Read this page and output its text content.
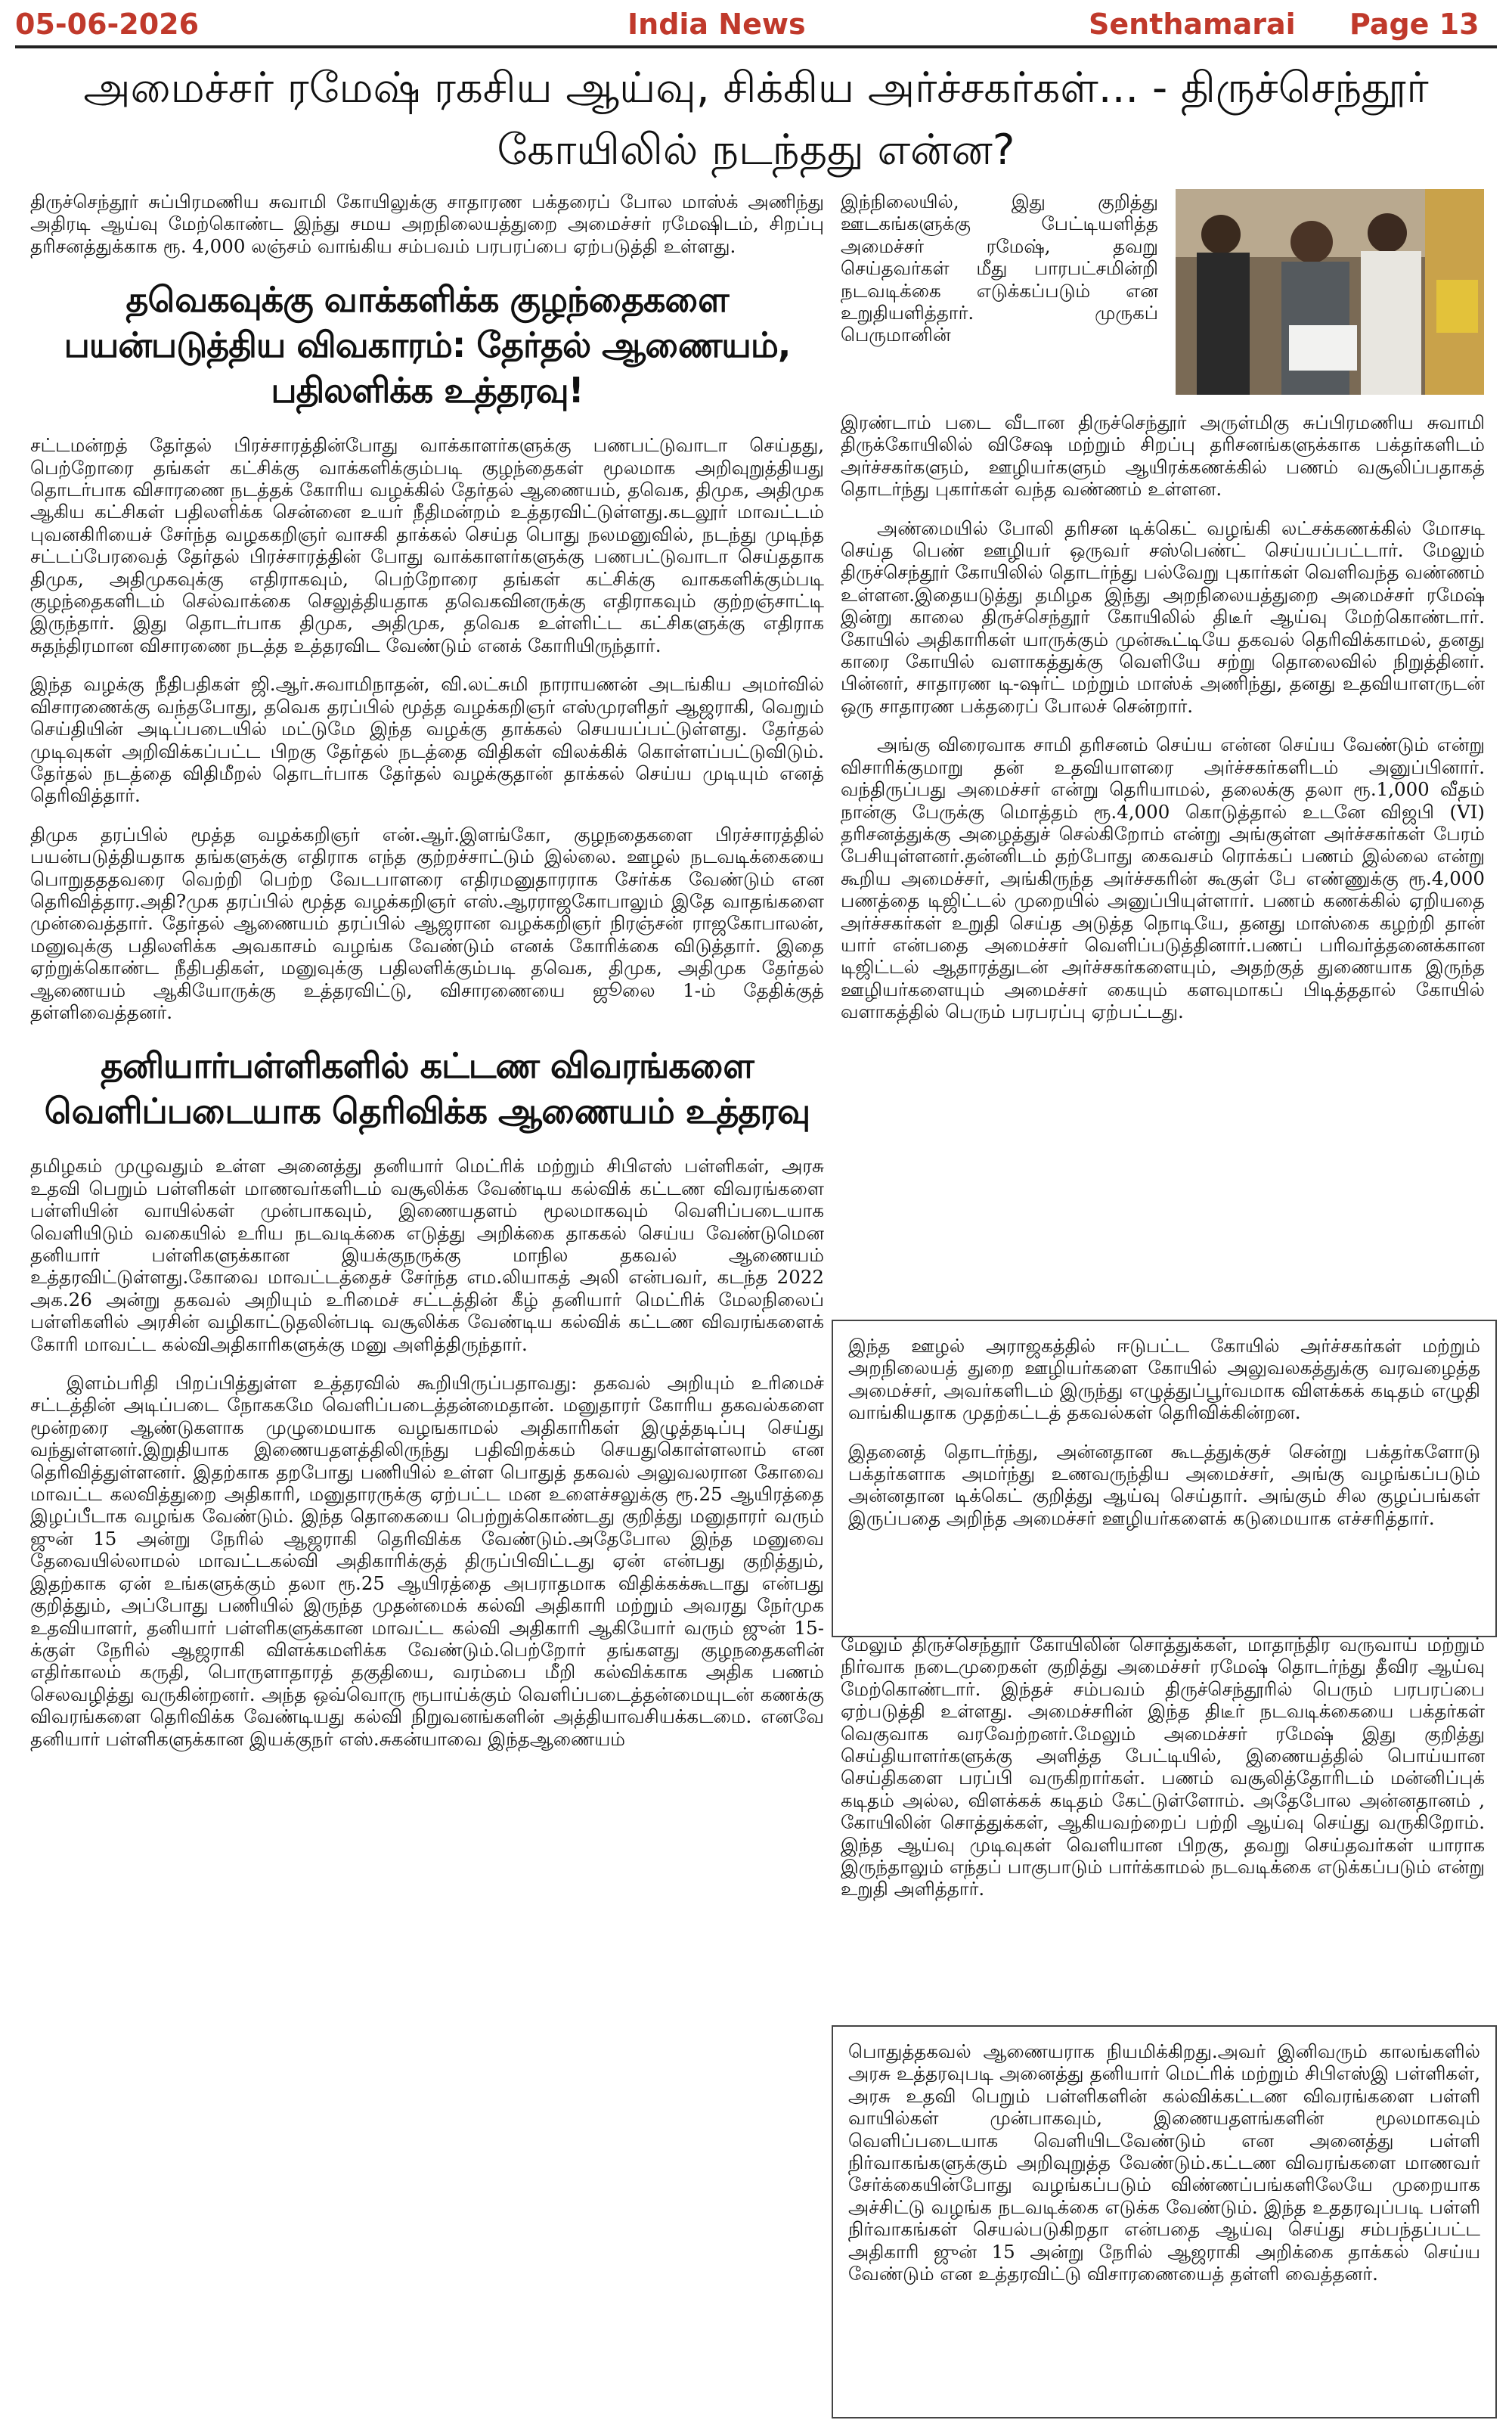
05-06-2026	India News	Senthamarai Page 13
அமைச்சர் ரமேஷ் ரகசிய ஆய்வு, சிக்கிய அர்ச்சகர்கள்... - திருச்செந்தூர் கோயிலில் நடந்தது என்ன?

திருச்செந்தூர் சுப்பிரமணிய சுவாமி கோயிலுக்கு சாதாரண பக்தரைப் போல மாஸ்க் அணிந்து அதிரடி ஆய்வு மேற்கொண்ட இந்து சமய அறநிலையத்துறை அமைச்சர் ரமேஷிடம், சிறப்பு தரிசனத்துக்காக ரூ. 4,000 லஞ்சம் வாங்கிய சம்பவம் பரபரப்பை ஏற்படுத்தி உள்ளது.

தவெகவுக்கு வாக்களிக்க குழந்தைகளை பயன்படுத்திய விவகாரம்: தேர்தல் ஆணையம், பதிலளிக்க உத்தரவு!

சட்டமன்றத் தேர்தல் பிரச்சாரத்தின்போது வாக்காளர்களுக்கு பணபட்டுவாடா செய்தது, பெற்றோரை தங்கள் கட்சிக்கு வாக்களிக்கும்படி குழந்தைகள் மூலமாக அறிவுறுத்தியது தொடர்பாக விசாரணை நடத்தக் கோரிய வழக்கில் தேர்தல் ஆணையம், தவெக, திமுக, அதிமுக ஆகிய கட்சிகள் பதிலளிக்க சென்னை உயர் நீதிமன்றம் உத்தரவிட்டுள்ளது.கடலூர் மாவட்டம் புவனகிரியைச் சேர்ந்த வழககறிஞர் வாசகி தாக்கல் செய்த பொது நலமனுவில், நடந்து முடிந்த சட்டப்பேரவைத் தேர்தல் பிரச்சாரத்தின் போது வாக்காளர்களுக்கு பணபட்டுவாடா செய்ததாக திமுக, அதிமுகவுக்கு எதிராகவும், பெற்றோரை தங்கள் கட்சிக்கு வாககளிக்கும்படி குழந்தைகளிடம் செல்வாக்கை செலுத்தியதாக தவெகவினருக்கு எதிராகவும் குற்றஞ்சாட்டி இருந்தார். இது தொடர்பாக திமுக, அதிமுக, தவெக உள்ளிட்ட கட்சிகளுக்கு எதிராக சுதந்திரமான விசாரணை நடத்த உத்தரவிட வேண்டும் எனக் கோரியிருந்தார்.

இந்த வழக்கு நீதிபதிகள் ஜி.ஆர்.சுவாமிநாதன், வி.லட்சுமி நாராயணன் அடங்கிய அமர்வில் விசாரணைக்கு வந்தபோது, தவெக தரப்பில் மூத்த வழக்கறிஞர் எஸ்முரளிதர் ஆஜராகி, வெறும் செய்தியின் அடிப்படையில் மட்டுமே இந்த வழக்கு தாக்கல் செயயப்பட்டுள்ளது. தேர்தல் முடிவுகள் அறிவிக்கப்பட்ட பிறகு தேர்தல் நடத்தை விதிகள் விலக்கிக் கொள்ளப்பட்டுவிடும். தேர்தல் நடத்தை விதிமீறல் தொடர்பாக தேர்தல் வழக்குதான் தாக்கல் செய்ய முடியும் எனத் தெரிவித்தார்.

திமுக தரப்பில் மூத்த வழக்கறிஞர் என்.ஆர்.இளங்கோ, குழநதைகளை பிரச்சாரத்தில் பயன்படுத்தியதாக தங்களுக்கு எதிராக எந்த குற்றச்சாட்டும் இல்லை. ஊழல் நடவடிக்கையை பொறுதததவரை வெற்றி பெற்ற வேடபாளரை எதிரமனுதாரராக சேர்க்க வேண்டும் என தெரிவித்தார.அதி?முக தரப்பில் மூத்த வழக்கறிஞர் எஸ்.ஆரராஜகோபாலும் இதே வாதங்களை முன்வைத்தார். தேர்தல் ஆணையம் தரப்பில் ஆஜரான வழக்கறிஞர் நிரஞ்சன் ராஜகோபாலன், மனுவுக்கு பதிலளிக்க அவகாசம் வழங்க வேண்டும் எனக் கோரிக்கை விடுத்தார். இதை ஏற்றுக்கொண்ட நீதிபதிகள், மனுவுக்கு பதிலளிக்கும்படி தவெக, திமுக, அதிமுக தேர்தல் ஆணையம் ஆகியோருக்கு உத்தரவிட்டு, விசாரணையை ஜூலை 1-ம் தேதிக்குத் தள்ளிவைத்தனர்.

தனியார்பள்ளிகளில் கட்டண விவரங்களை வெளிப்படையாக தெரிவிக்க ஆணையம் உத்தரவு

தமிழகம் முழுவதும் உள்ள அனைத்து தனியார் மெட்ரிக் மற்றும் சிபிஎஸ் பள்ளிகள், அரசு உதவி பெறும் பள்ளிகள் மாணவர்களிடம் வசூலிக்க வேண்டிய கல்விக் கட்டண விவரங்களை பள்ளியின் வாயில்கள் முன்பாகவும், இணையதளம் மூலமாகவும் வெளிப்படையாக வெளியிடும் வகையில் உரிய நடவடிக்கை எடுத்து அறிக்கை தாககல் செய்ய வேண்டுமென தனியார் பள்ளிகளுக்கான இயக்குநருக்கு மாநில தகவல் ஆணையம் உத்தரவிட்டுள்ளது.கோவை மாவட்டத்தைச் சேர்ந்த எம.லியாகத் அலி என்பவர், கடந்த 2022 அக.26 அன்று தகவல் அறியும் உரிமைச் சட்டத்தின் கீழ் தனியார் மெட்ரிக் மேலநிலைப் பள்ளிகளில் அரசின் வழிகாட்டுதலின்படி வசூலிக்க வேண்டிய கல்விக் கட்டண விவரங்களைக் கோரி மாவட்ட கல்விஅதிகாரிகளுக்கு மனு அளித்திருந்தார்.

இளம்பரிதி பிறப்பித்துள்ள உத்தரவில் கூறியிருப்பதாவது: தகவல் அறியும் உரிமைச் சட்டத்தின் அடிப்படை நோககமே வெளிப்படைத்தன்மைதான். மனுதாரர் கோரிய தகவல்களை மூன்றரை ஆண்டுகளாக முழுமையாக வழஙகாமல் அதிகாரிகள் இழுத்தடிப்பு செய்து வந்துள்ளனர்.இறுதியாக இணையதளத்திலிருந்து பதிவிறக்கம் செயதுகொள்ளலாம் என தெரிவித்துள்ளனர். இதற்காக தறபோது பணியில் உள்ள பொதுத் தகவல் அலுவலரான கோவை மாவட்ட கலவித்துறை அதிகாரி, மனுதாரருக்கு ஏற்பட்ட மன உளைச்சலுக்கு ரூ.25 ஆயிரத்தை இழப்பீடாக வழங்க வேண்டும். இந்த தொகையை பெற்றுக்கொண்டது குறித்து மனுதாரர் வரும் ஜுன் 15 அன்று நேரில் ஆஜராகி தெரிவிக்க வேண்டும்.அதேபோல இந்த மனுவை தேவையில்லாமல் மாவட்டகல்வி அதிகாரிக்குத் திருப்பிவிட்டது ஏன் என்பது குறித்தும், இதற்காக ஏன் உங்களுக்கும் தலா ரூ.25 ஆயிரத்தை அபராதமாக விதிக்கக்கூடாது என்பது குறித்தும், அப்போது பணியில் இருந்த முதன்மைக் கல்வி அதிகாரி மற்றும் அவரது நேர்முக உதவியாளர், தனியார் பள்ளிகளுக்கான மாவட்ட கல்வி அதிகாரி ஆகியோர் வரும் ஜுன் 15-க்குள் நேரில் ஆஜராகி விளக்கமளிக்க வேண்டும்.பெற்றோர் தங்களது குழநதைகளின் எதிர்காலம் கருதி, பொருளாதாரத் தகுதியை, வரம்பை மீறி கல்விக்காக அதிக பணம் செலவழித்து வருகின்றனர். அந்த ஒவ்வொரு ரூபாய்க்கும் வெளிப்படைத்தன்மையுடன் கணக்கு விவரங்களை தெரிவிக்க வேண்டியது கல்வி நிறுவனங்களின் அத்தியாவசியக்கடமை. எனவே தனியார் பள்ளிகளுக்கான இயக்குநர் எஸ்.சுகன்யாவை இந்தஆணையம்

இந்நிலையில், இது குறித்து ஊடகங்களுக்கு பேட்டியளித்த அமைச்சர் ரமேஷ், தவறு செய்தவர்கள் மீது பாரபட்சமின்றி நடவடிக்கை எடுக்கப்படும் என உறுதியளித்தார். முருகப் பெருமானின்

இரண்டாம் படை வீடான திருச்செந்தூர் அருள்மிகு சுப்பிரமணிய சுவாமி திருக்கோயிலில் விசேஷ மற்றும் சிறப்பு தரிசனங்களுக்காக பக்தர்களிடம் அர்ச்சகர்களும், ஊழியர்களும் ஆயிரக்கணக்கில் பணம் வசூலிப்பதாகத் தொடர்ந்து புகார்கள் வந்த வண்ணம் உள்ளன.

அண்மையில் போலி தரிசன டிக்கெட் வழங்கி லட்சக்கணக்கில் மோசடி செய்த பெண் ஊழியர் ஒருவர் சஸ்பெண்ட் செய்யப்பட்டார். மேலும் திருச்செந்தூர் கோயிலில் தொடர்ந்து பல்வேறு புகார்கள் வெளிவந்த வண்ணம் உள்ளன.இதையடுத்து தமிழக இந்து அறநிலையத்துறை அமைச்சர் ரமேஷ் இன்று காலை திருச்செந்தூர் கோயிலில் திடீர் ஆய்வு மேற்கொண்டார். கோயில் அதிகாரிகள் யாருக்கும் முன்கூட்டியே தகவல் தெரிவிக்காமல், தனது காரை கோயில் வளாகத்துக்கு வெளியே சற்று தொலைவில் நிறுத்தினர். பின்னர், சாதாரண டி-ஷர்ட் மற்றும் மாஸ்க் அணிந்து, தனது உதவியாளருடன் ஒரு சாதாரண பக்தரைப் போலச் சென்றார்.

அங்கு விரைவாக சாமி தரிசனம் செய்ய என்ன செய்ய வேண்டும் என்று விசாரிக்குமாறு தன் உதவியாளரை அர்ச்சகர்களிடம் அனுப்பினார். வந்திருப்பது அமைச்சர் என்று தெரியாமல், தலைக்கு தலா ரூ.1,000 வீதம் நான்கு பேருக்கு மொத்தம் ரூ.4,000 கொடுத்தால் உடனே விஜபி (VI) தரிசனத்துக்கு அழைத்துச் செல்கிறோம் என்று அங்குள்ள அர்ச்சகர்கள் பேரம் பேசியுள்ளனர்.தன்னிடம் தற்போது கைவசம் ரொக்கப் பணம் இல்லை என்று கூறிய அமைச்சர், அங்கிருந்த அர்ச்சகரின் கூகுள் பே எண்ணுக்கு ரூ.4,000 பணத்தை டிஜிட்டல் முறையில் அனுப்பியுள்ளார். பணம் கணக்கில் ஏறியதை அர்ச்சகர்கள் உறுதி செய்த அடுத்த நொடியே, தனது மாஸ்கை கழற்றி தான் யார் என்பதை அமைச்சர் வெளிப்படுத்தினார்.பணப் பரிவர்த்தனைக்கான டிஜிட்டல் ஆதாரத்துடன் அர்ச்சகர்களையும், அதற்குத் துணையாக இருந்த ஊழியர்களையும் அமைச்சர் கையும் களவுமாகப் பிடித்ததால் கோயில் வளாகத்தில் பெரும் பரபரப்பு ஏற்பட்டது.

இந்த ஊழல் அராஜகத்தில் ஈடுபட்ட கோயில் அர்ச்சகர்கள் மற்றும் அறநிலையத் துறை ஊழியர்களை கோயில் அலுவலகத்துக்கு வரவழைத்த அமைச்சர், அவர்களிடம் இருந்து எழுத்துப்பூர்வமாக விளக்கக் கடிதம் எழுதி வாங்கியதாக முதற்கட்டத் தகவல்கள் தெரிவிக்கின்றன.

இதனைத் தொடர்ந்து, அன்னதான கூடத்துக்குச் சென்று பக்தர்களோடு பக்தர்களாக அமர்ந்து உணவருந்திய அமைச்சர், அங்கு வழங்கப்படும் அன்னதான டிக்கெட் குறித்து ஆய்வு செய்தார். அங்கும் சில குழப்பங்கள் இருப்பதை அறிந்த அமைச்சர் ஊழியர்களைக் கடுமையாக எச்சரித்தார்.

மேலும் திருச்செந்தூர் கோயிலின் சொத்துக்கள், மாதாந்திர வருவாய் மற்றும் நிர்வாக நடைமுறைகள் குறித்து அமைச்சர் ரமேஷ் தொடர்ந்து தீவிர ஆய்வு மேற்கொண்டார். இந்தச் சம்பவம் திருச்செந்தூரில் பெரும் பரபரப்பை ஏற்படுத்தி உள்ளது. அமைச்சரின் இந்த திடீர் நடவடிக்கையை பக்தர்கள் வெகுவாக வரவேற்றனர்.மேலும் அமைச்சர் ரமேஷ் இது குறித்து செய்தியாளர்களுக்கு அளித்த பேட்டியில், இணையத்தில் பொய்யான செய்திகளை பரப்பி வருகிறார்கள். பணம் வசூலித்தோரிடம் மன்னிப்புக் கடிதம் அல்ல, விளக்கக் கடிதம் கேட்டுள்ளோம். அதேபோல அன்னதானம் , கோயிலின் சொத்துக்கள், ஆகியவற்றைப் பற்றி ஆய்வு செய்து வருகிறோம். இந்த ஆய்வு முடிவுகள் வெளியான பிறகு, தவறு செய்தவர்கள் யாராக இருந்தாலும் எந்தப் பாகுபாடும் பார்க்காமல் நடவடிக்கை எடுக்கப்படும் என்று உறுதி அளித்தார்.

பொதுத்தகவல் ஆணையராக நியமிக்கிறது.அவர் இனிவரும் காலங்களில் அரசு உத்தரவுபடி அனைத்து தனியார் மெட்ரிக் மற்றும் சிபிஎஸ்இ பள்ளிகள், அரசு உதவி பெறும் பள்ளிகளின் கல்விக்கட்டண விவரங்களை பள்ளி வாயில்கள் முன்பாகவும், இணையதளங்களின் மூலமாகவும் வெளிப்படையாக வெளியிடவேண்டும் என அனைத்து பள்ளி நிர்வாகங்களுக்கும் அறிவுறுத்த வேண்டும்.கட்டண விவரங்களை மாணவர் சேர்க்கையின்போது வழங்கப்படும் விண்ணப்பங்களிலேயே முறையாக அச்சிட்டு வழங்க நடவடிக்கை எடுக்க வேண்டும். இந்த உததரவுப்படி பள்ளி நிர்வாகங்கள் செயல்படுகிறதா என்பதை ஆய்வு செய்து சம்பந்தப்பட்ட அதிகாரி ஜுன் 15 அன்று நேரில் ஆஜராகி அறிக்கை தாக்கல் செய்ய வேண்டும் என உத்தரவிட்டு விசாரணையைத் தள்ளி வைத்தனர்.
